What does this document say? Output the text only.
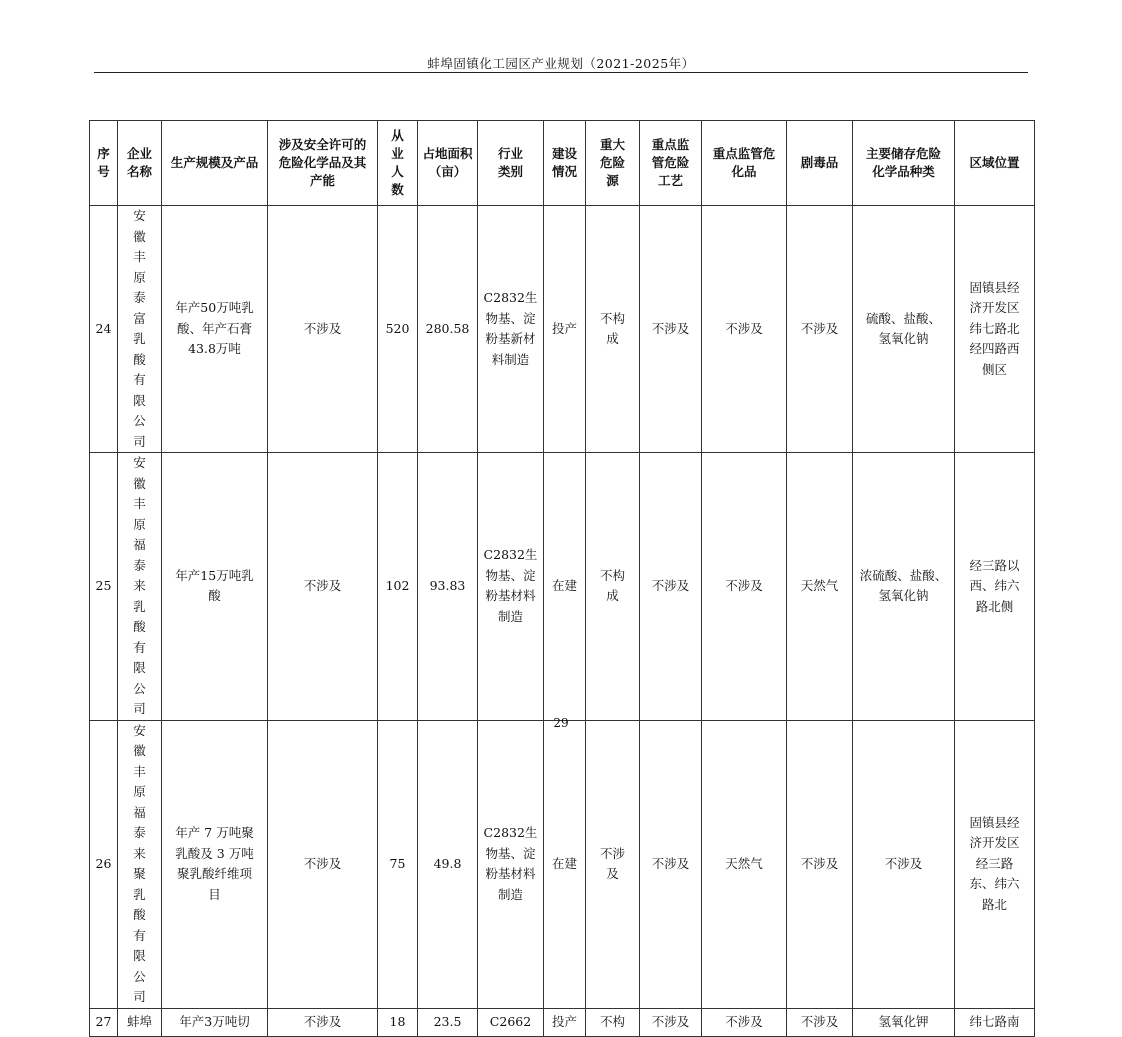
蚌埠固镇化工园区产业规划（2021-2025年）
序号	企业名称	生产规模及产品	涉及安全许可的危险化学品及其产能	从业人数	占地面积（亩）	行业类别	建设情况	重大危险源	重点监管危险工艺	重点监管危化品	剧毒品	主要储存危险化学品种类	区域位置
24	安徽丰原泰富乳酸有限公司	年产50万吨乳酸、年产石膏43.8万吨	不涉及	520	280.58	C2832生物基、淀粉基新材料制造	投产	不构成	不涉及	不涉及	不涉及	硫酸、盐酸、氢氧化钠	固镇县经济开发区纬七路北经四路西侧区

25	安徽丰原福泰来乳酸有限公司	年产15万吨乳酸	不涉及	102	93.83	C2832生物基、淀粉基材料制造	在建	不构成	不涉及	不涉及	天然气	浓硫酸、盐酸、氢氧化钠	经三路以西、纬六路北侧

26	安徽丰原福泰来聚乳酸有限公司	年产 7 万吨聚乳酸及 3 万吨聚乳酸纤维项目	不涉及	75	49.8	C2832生物基、淀粉基材料制造	在建	不涉及	不涉及	天然气	不涉及	不涉及	固镇县经济开发区经三路东、纬六路北

27	蚌埠	年产3万吨切	不涉及	18	23.5	C2662	投产	不构	不涉及	不涉及	不涉及	氢氧化钾	纬七路南
29
